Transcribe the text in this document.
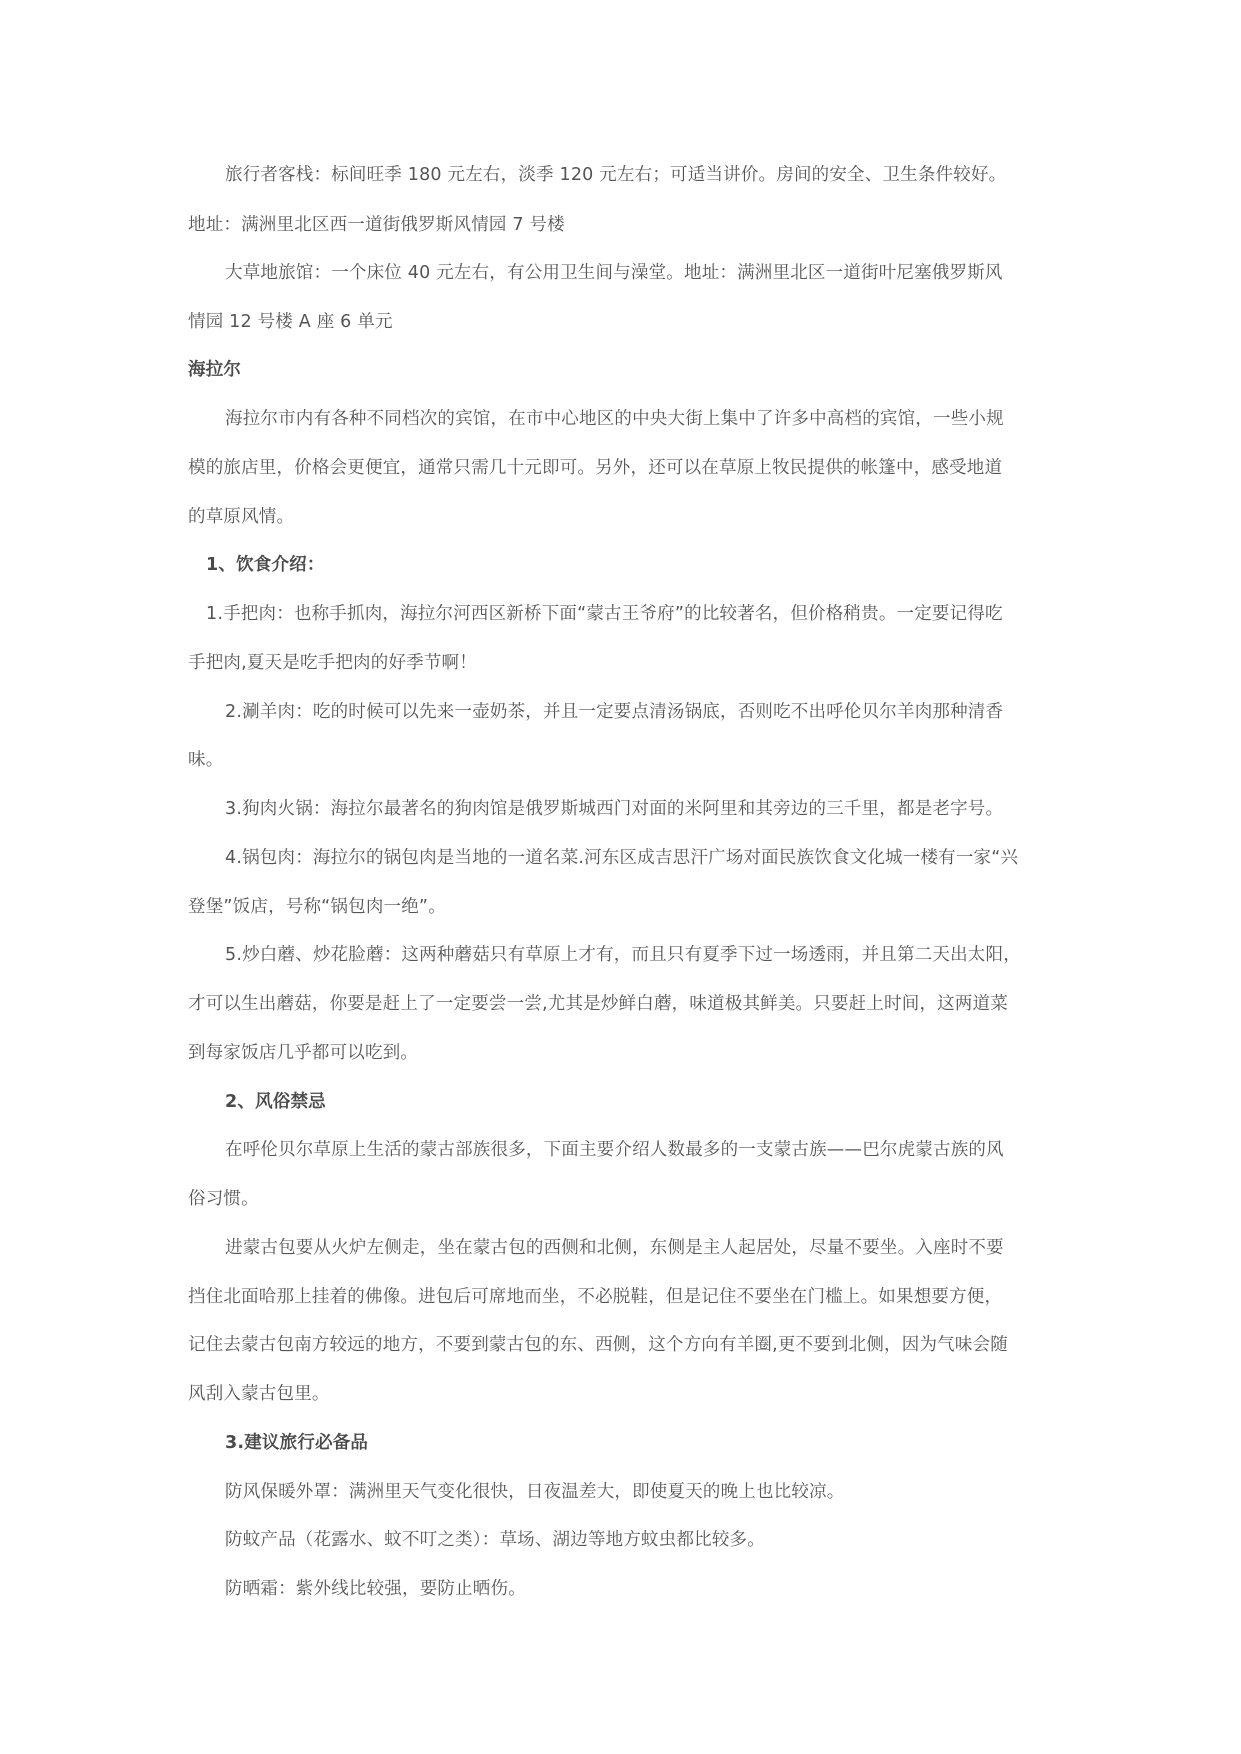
旅行者客栈：标间旺季 180 元左右，淡季 120 元左右；可适当讲价。房间的安全、卫生条件较好。

地址：满洲里北区西一道街俄罗斯风情园 7 号楼

大草地旅馆：一个床位 40 元左右，有公用卫生间与澡堂。地址：满洲里北区一道街叶尼塞俄罗斯风

情园 12 号楼 A 座 6 单元

海拉尔

海拉尔市内有各种不同档次的宾馆，在市中心地区的中央大街上集中了许多中高档的宾馆，一些小规

模的旅店里，价格会更便宜，通常只需几十元即可。另外，还可以在草原上牧民提供的帐篷中，感受地道

的草原风情。

1、饮食介绍：

1.手把肉：也称手抓肉，海拉尔河西区新桥下面“蒙古王爷府”的比较著名，但价格稍贵。一定要记得吃

手把肉,夏天是吃手把肉的好季节啊！

2.涮羊肉：吃的时候可以先来一壶奶茶，并且一定要点清汤锅底，否则吃不出呼伦贝尔羊肉那种清香

味。

3.狗肉火锅：海拉尔最著名的狗肉馆是俄罗斯城西门对面的米阿里和其旁边的三千里，都是老字号。

4.锅包肉：海拉尔的锅包肉是当地的一道名菜.河东区成吉思汗广场对面民族饮食文化城一楼有一家“兴

登堡”饭店，号称“锅包肉一绝”。

5.炒白蘑、炒花脸蘑：这两种蘑菇只有草原上才有，而且只有夏季下过一场透雨，并且第二天出太阳，

才可以生出蘑菇，你要是赶上了一定要尝一尝,尤其是炒鲜白蘑，味道极其鲜美。只要赶上时间，这两道菜

到每家饭店几乎都可以吃到。

2、风俗禁忌

在呼伦贝尔草原上生活的蒙古部族很多，下面主要介绍人数最多的一支蒙古族——巴尔虎蒙古族的风

俗习惯。

进蒙古包要从火炉左侧走，坐在蒙古包的西侧和北侧，东侧是主人起居处，尽量不要坐。入座时不要

挡住北面哈那上挂着的佛像。进包后可席地而坐，不必脱鞋，但是记住不要坐在门槛上。如果想要方便，

记住去蒙古包南方较远的地方，不要到蒙古包的东、西侧，这个方向有羊圈,更不要到北侧，因为气味会随

风刮入蒙古包里。

3.建议旅行必备品

防风保暖外罩：满洲里天气变化很快，日夜温差大，即使夏天的晚上也比较凉。

防蚊产品（花露水、蚊不叮之类）：草场、湖边等地方蚊虫都比较多。

防晒霜：紫外线比较强，要防止晒伤。
